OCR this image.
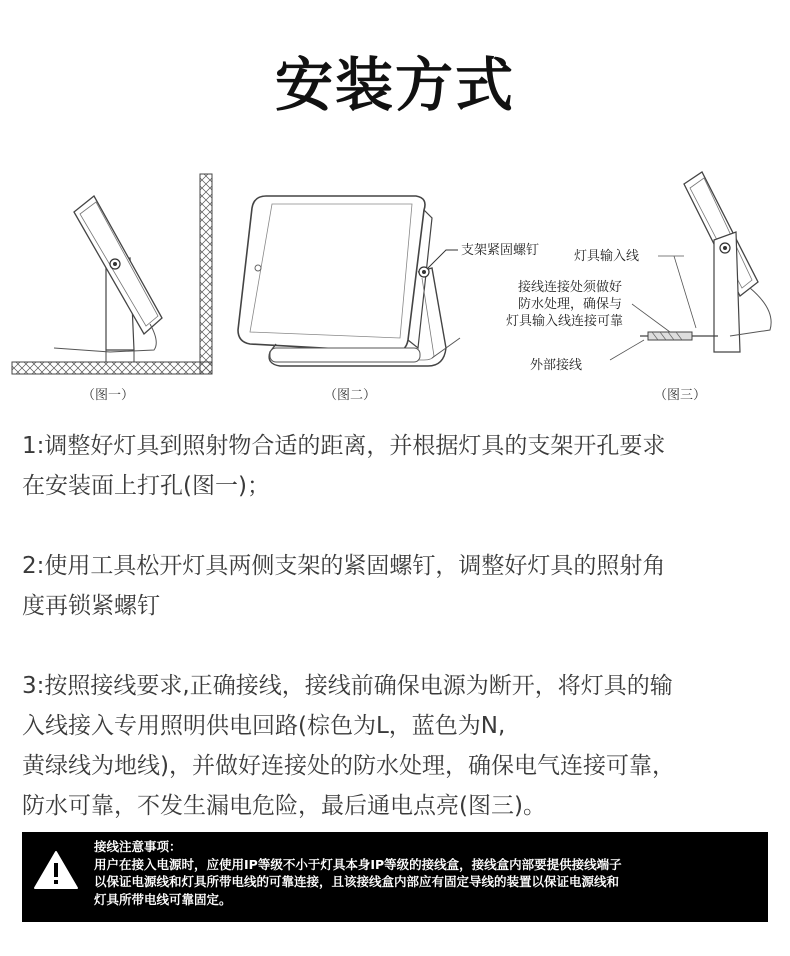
安装方式
（图一）
支架紧固螺钉
（图二）
灯具输入线
接线连接处须做好
防水处理，确保与
灯具输入线连接可靠
外部接线
（图三）

1:调整好灯具到照射物合适的距离，并根据灯具的支架开孔要求

在安装面上打孔(图一)；

2:使用工具松开灯具两侧支架的紧固螺钉，调整好灯具的照射角

度再锁紧螺钉

3:按照接线要求,正确接线，接线前确保电源为断开，将灯具的输

入线接入专用照明供电回路(棕色为L，蓝色为N,

黄绿线为地线)，并做好连接处的防水处理，确保电气连接可靠，

防水可靠，不发生漏电危险，最后通电点亮(图三)。

接线注意事项：

用户在接入电源时，应使用IP等级不小于灯具本身IP等级的接线盒，接线盒内部要提供接线端子

以保证电源线和灯具所带电线的可靠连接，且该接线盒内部应有固定导线的装置以保证电源线和

灯具所带电线可靠固定。
